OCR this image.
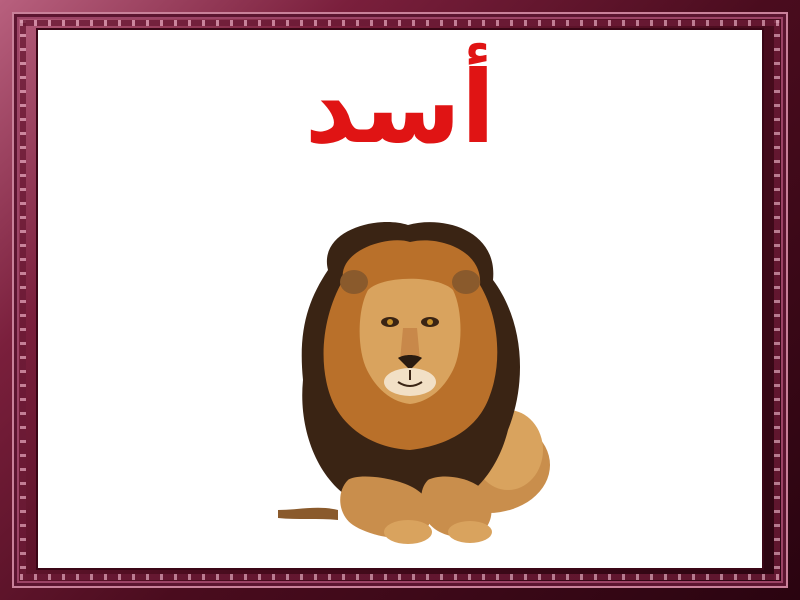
أسد
